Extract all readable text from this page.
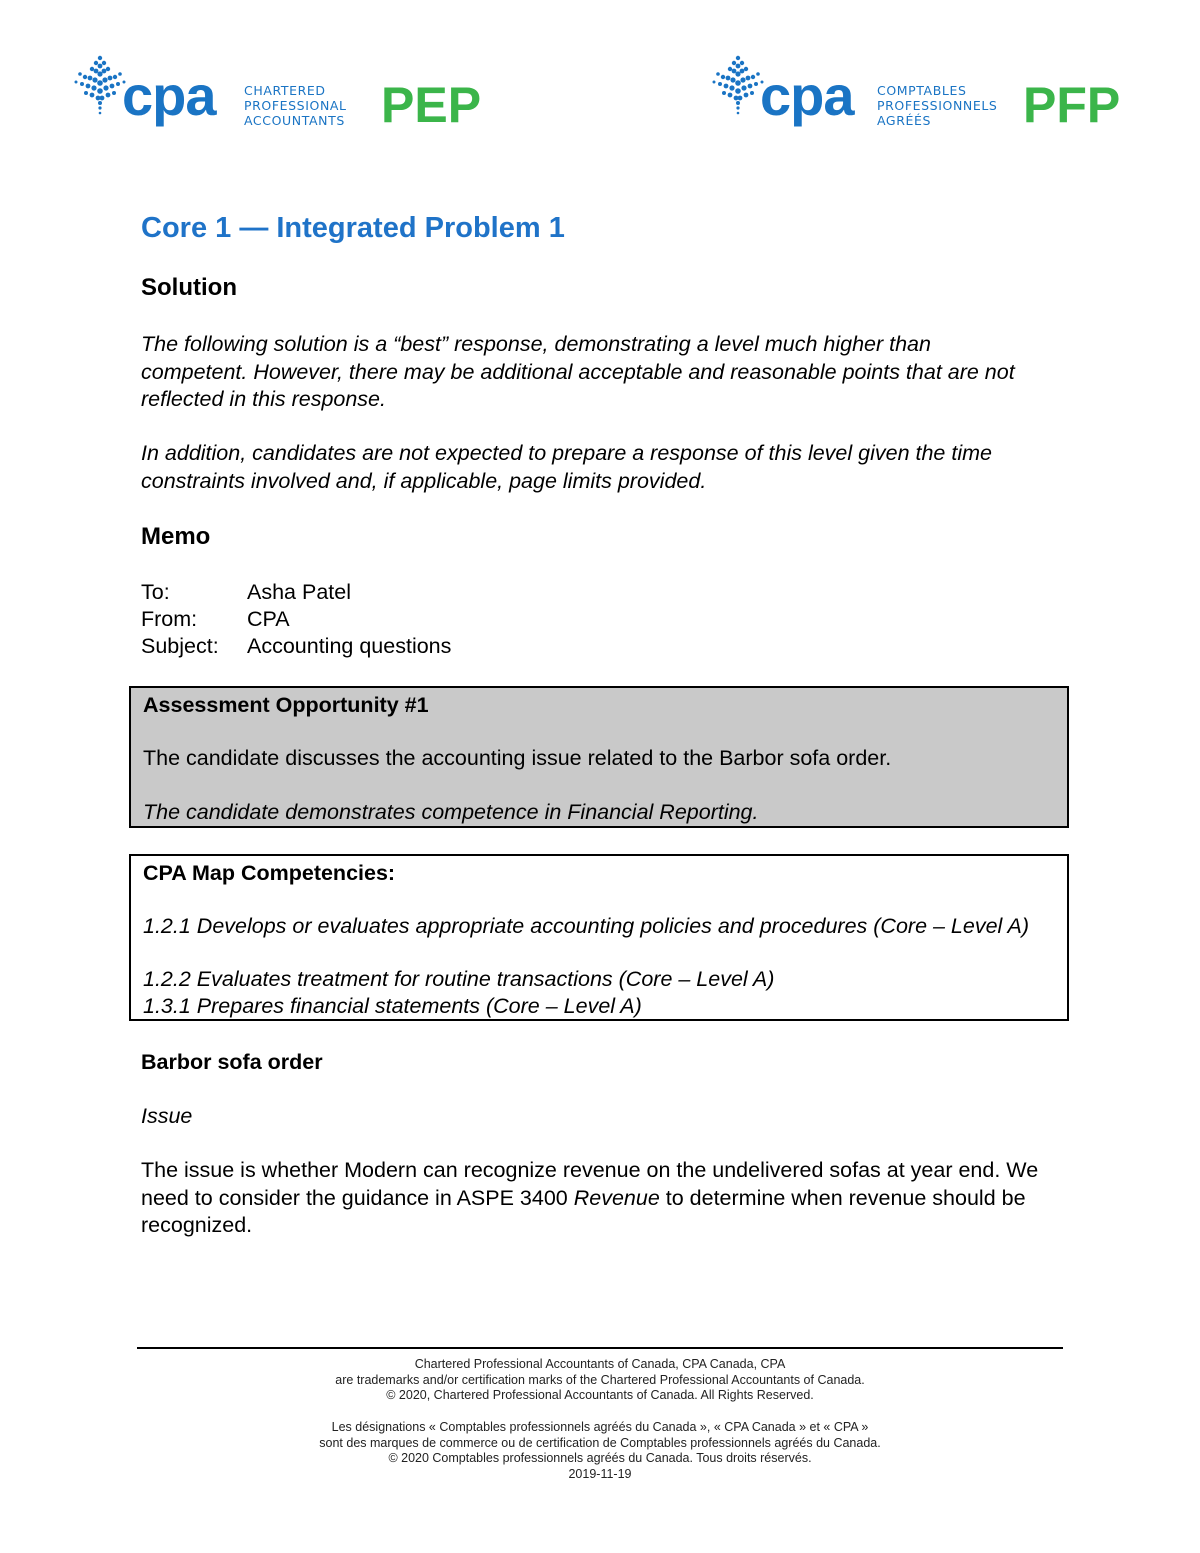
cpa CHARTERED
PROFESSIONAL
ACCOUNTANTS PEP	cpa COMPTABLES
PROFESSIONNELS
AGRÉÉS	PFP
Core 1 — Integrated Problem 1
Solution

The following solution is a “best” response, demonstrating a level much higher than competent. However, there may be additional acceptable and reasonable points that are not reflected in this response.

In addition, candidates are not expected to prepare a response of this level given the time constraints involved and, if applicable, page limits provided.

Memo
To:	Asha Patel
From: CPA
Subject: Accounting questions

Assessment Opportunity #1

The candidate discusses the accounting issue related to the Barbor sofa order.

The candidate demonstrates competence in Financial Reporting.

CPA Map Competencies:

1.2.1 Develops or evaluates appropriate accounting policies and procedures (Core – Level A)

1.2.2 Evaluates treatment for routine transactions (Core – Level A)

1.3.1 Prepares financial statements (Core – Level A)

Barbor sofa order

Issue

The issue is whether Modern can recognize revenue on the undelivered sofas at year end. We need to consider the guidance in ASPE 3400 Revenue to determine when revenue should be recognized.

Chartered Professional Accountants of Canada, CPA Canada, CPA
are trademarks and/or certification marks of the Chartered Professional Accountants of Canada.
© 2020, Chartered Professional Accountants of Canada. All Rights Reserved.
Les désignations « Comptables professionnels agréés du Canada », « CPA Canada » et « CPA »
sont des marques de commerce ou de certification de Comptables professionnels agréés du Canada.
© 2020 Comptables professionnels agréés du Canada. Tous droits réservés.
2019-11-19
